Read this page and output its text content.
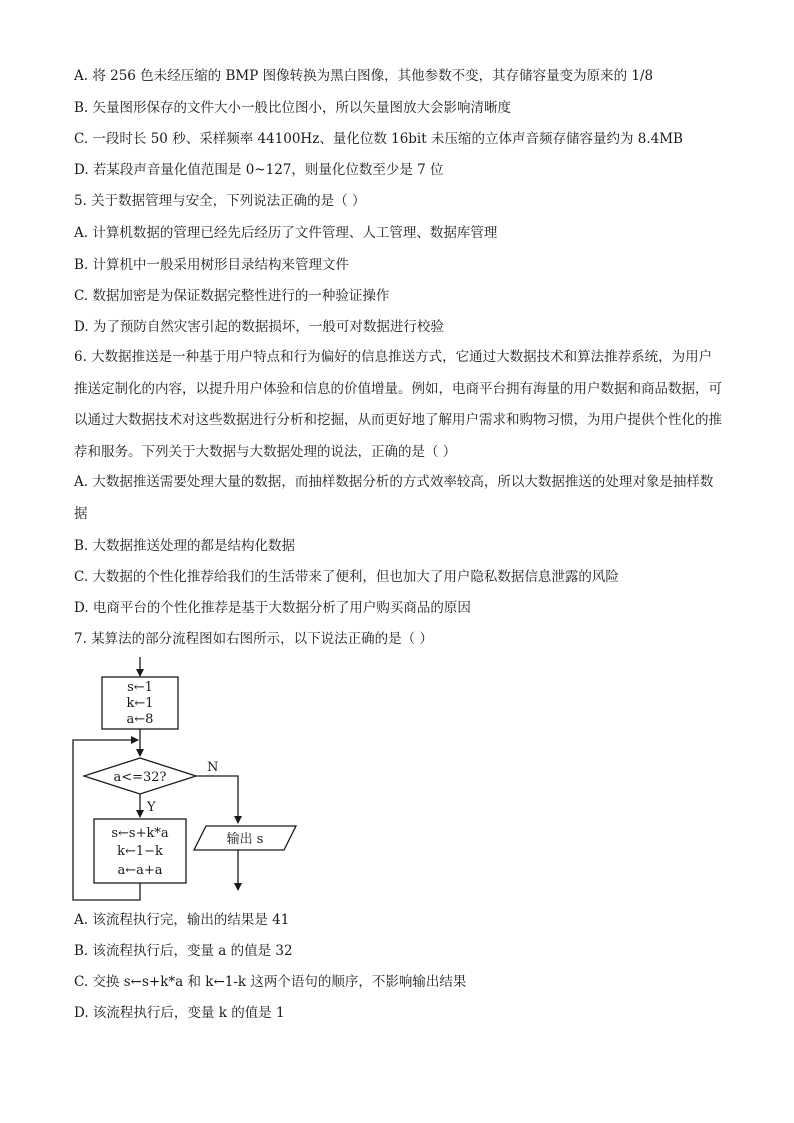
A. 将 256 色未经压缩的 BMP 图像转换为黑白图像，其他参数不变，其存储容量变为原来的 1/8
B. 矢量图形保存的文件大小一般比位图小，所以矢量图放大会影响清晰度
C. 一段时长 50 秒、采样频率 44100Hz、量化位数 16bit 未压缩的立体声音频存储容量约为 8.4MB
D. 若某段声音量化值范围是 0~127，则量化位数至少是 7 位
5. 关于数据管理与安全，下列说法正确的是（ ）
A. 计算机数据的管理已经先后经历了文件管理、人工管理、数据库管理
B. 计算机中一般采用树形目录结构来管理文件
C. 数据加密是为保证数据完整性进行的一种验证操作
D. 为了预防自然灾害引起的数据损坏，一般可对数据进行校验
6. 大数据推送是一种基于用户特点和行为偏好的信息推送方式，它通过大数据技术和算法推荐系统，为用户推送定制化的内容，以提升用户体验和信息的价值增量。例如，电商平台拥有海量的用户数据和商品数据，可以通过大数据技术对这些数据进行分析和挖掘，从而更好地了解用户需求和购物习惯，为用户提供个性化的推荐和服务。下列关于大数据与大数据处理的说法，正确的是（ ）
A. 大数据推送需要处理大量的数据，而抽样数据分析的方式效率较高，所以大数据推送的处理对象是抽样数据
B. 大数据推送处理的都是结构化数据
C. 大数据的个性化推荐给我们的生活带来了便利，但也加大了用户隐私数据信息泄露的风险
D. 电商平台的个性化推荐是基于大数据分析了用户购买商品的原因
7. 某算法的部分流程图如右图所示，以下说法正确的是（ ）
s←1
k←1
a←8
a<=32?
N
Y
s←s+k*a
k←1−k
a←a+a
输出 s
A. 该流程执行完，输出的结果是 41
B. 该流程执行后，变量 a 的值是 32
C. 交换 s←s+k*a 和 k←1-k 这两个语句的顺序，不影响输出结果
D. 该流程执行后，变量 k 的值是 1
